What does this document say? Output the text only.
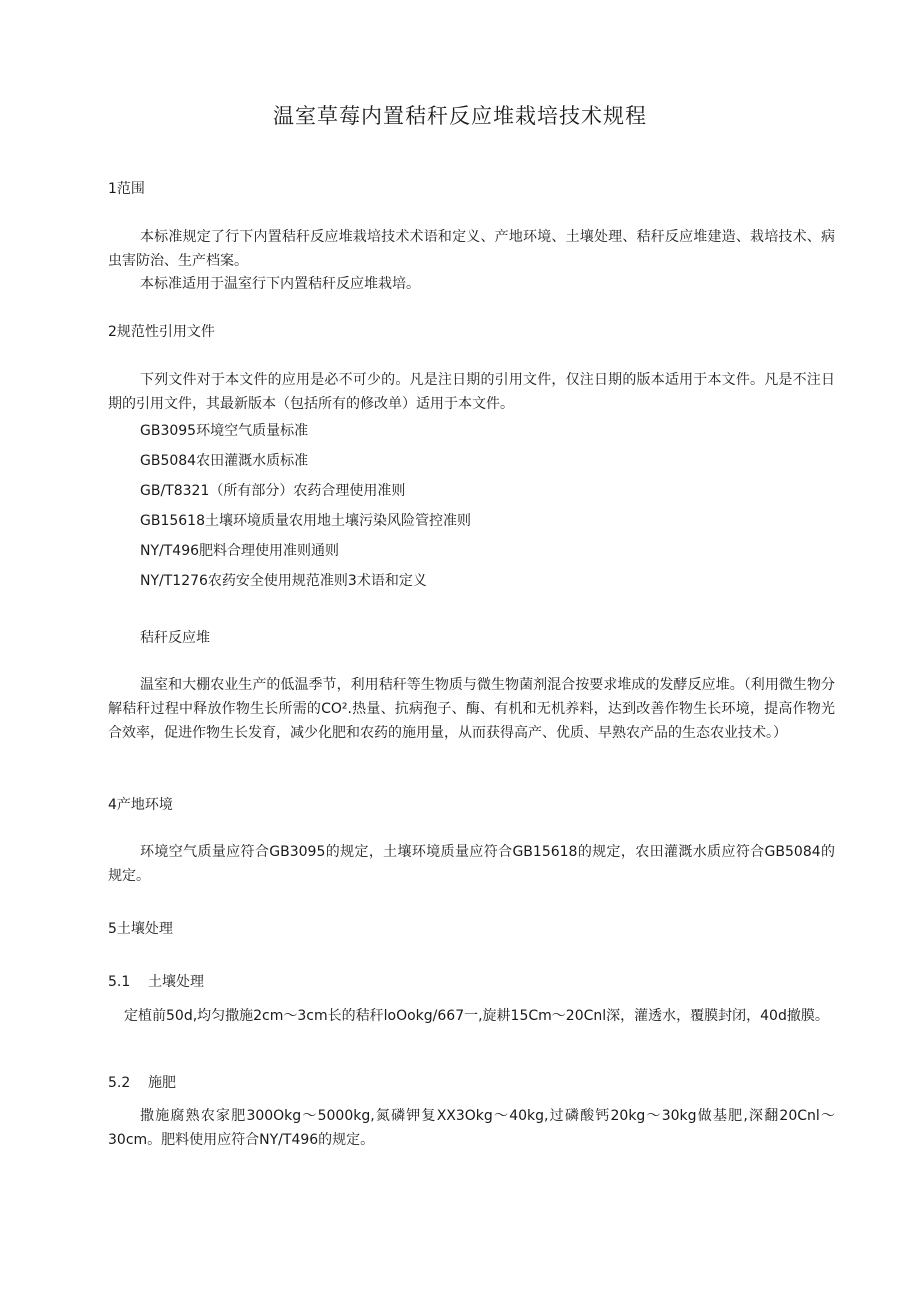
温室草莓内置秸秆反应堆栽培技术规程
1范围
本标准规定了行下内置秸秆反应堆栽培技术术语和定义、产地环境、土壤处理、秸秆反应堆建造、栽培技术、病虫害防治、生产档案。
本标准适用于温室行下内置秸秆反应堆栽培。
2规范性引用文件
下列文件对于本文件的应用是必不可少的。凡是注日期的引用文件，仅注日期的版本适用于本文件。凡是不注日期的引用文件，其最新版本（包括所有的修改单）适用于本文件。
GB3095环境空气质量标准
GB5084农田灌溉水质标准
GB/T8321（所有部分）农药合理使用准则
GB15618土壤环境质量农用地土壤污染风险管控准则
NY/T496肥料合理使用准则通则
NY/T1276农药安全使用规范准则3术语和定义
秸秆反应堆
温室和大棚农业生产的低温季节，利用秸秆等生物质与微生物菌剂混合按要求堆成的发酵反应堆。（利用微生物分解秸秆过程中释放作物生长所需的CO².热量、抗病孢子、酶、有机和无机养料，达到改善作物生长环境，提高作物光合效率，促进作物生长发育，减少化肥和农药的施用量，从而获得高产、优质、早熟农产品的生态农业技术。）
4产地环境
环境空气质量应符合GB3095的规定，土壤环境质量应符合GB15618的规定，农田灌溉水质应符合GB5084的规定。
5土壤处理
5.1 土壤处理
定植前50d,均匀撒施2cm～3cm长的秸秆loOokg/667一,旋耕15Cm～20Cnl深，灌透水，覆膜封闭，40d撤膜。
5.2 施肥
撒施腐熟农家肥300Okg～5000kg,氮磷钾复XX3Okg～40kg,过磷酸钙20kg～30kg做基肥,深翻20Cnl～30cm。肥料使用应符合NY/T496的规定。
